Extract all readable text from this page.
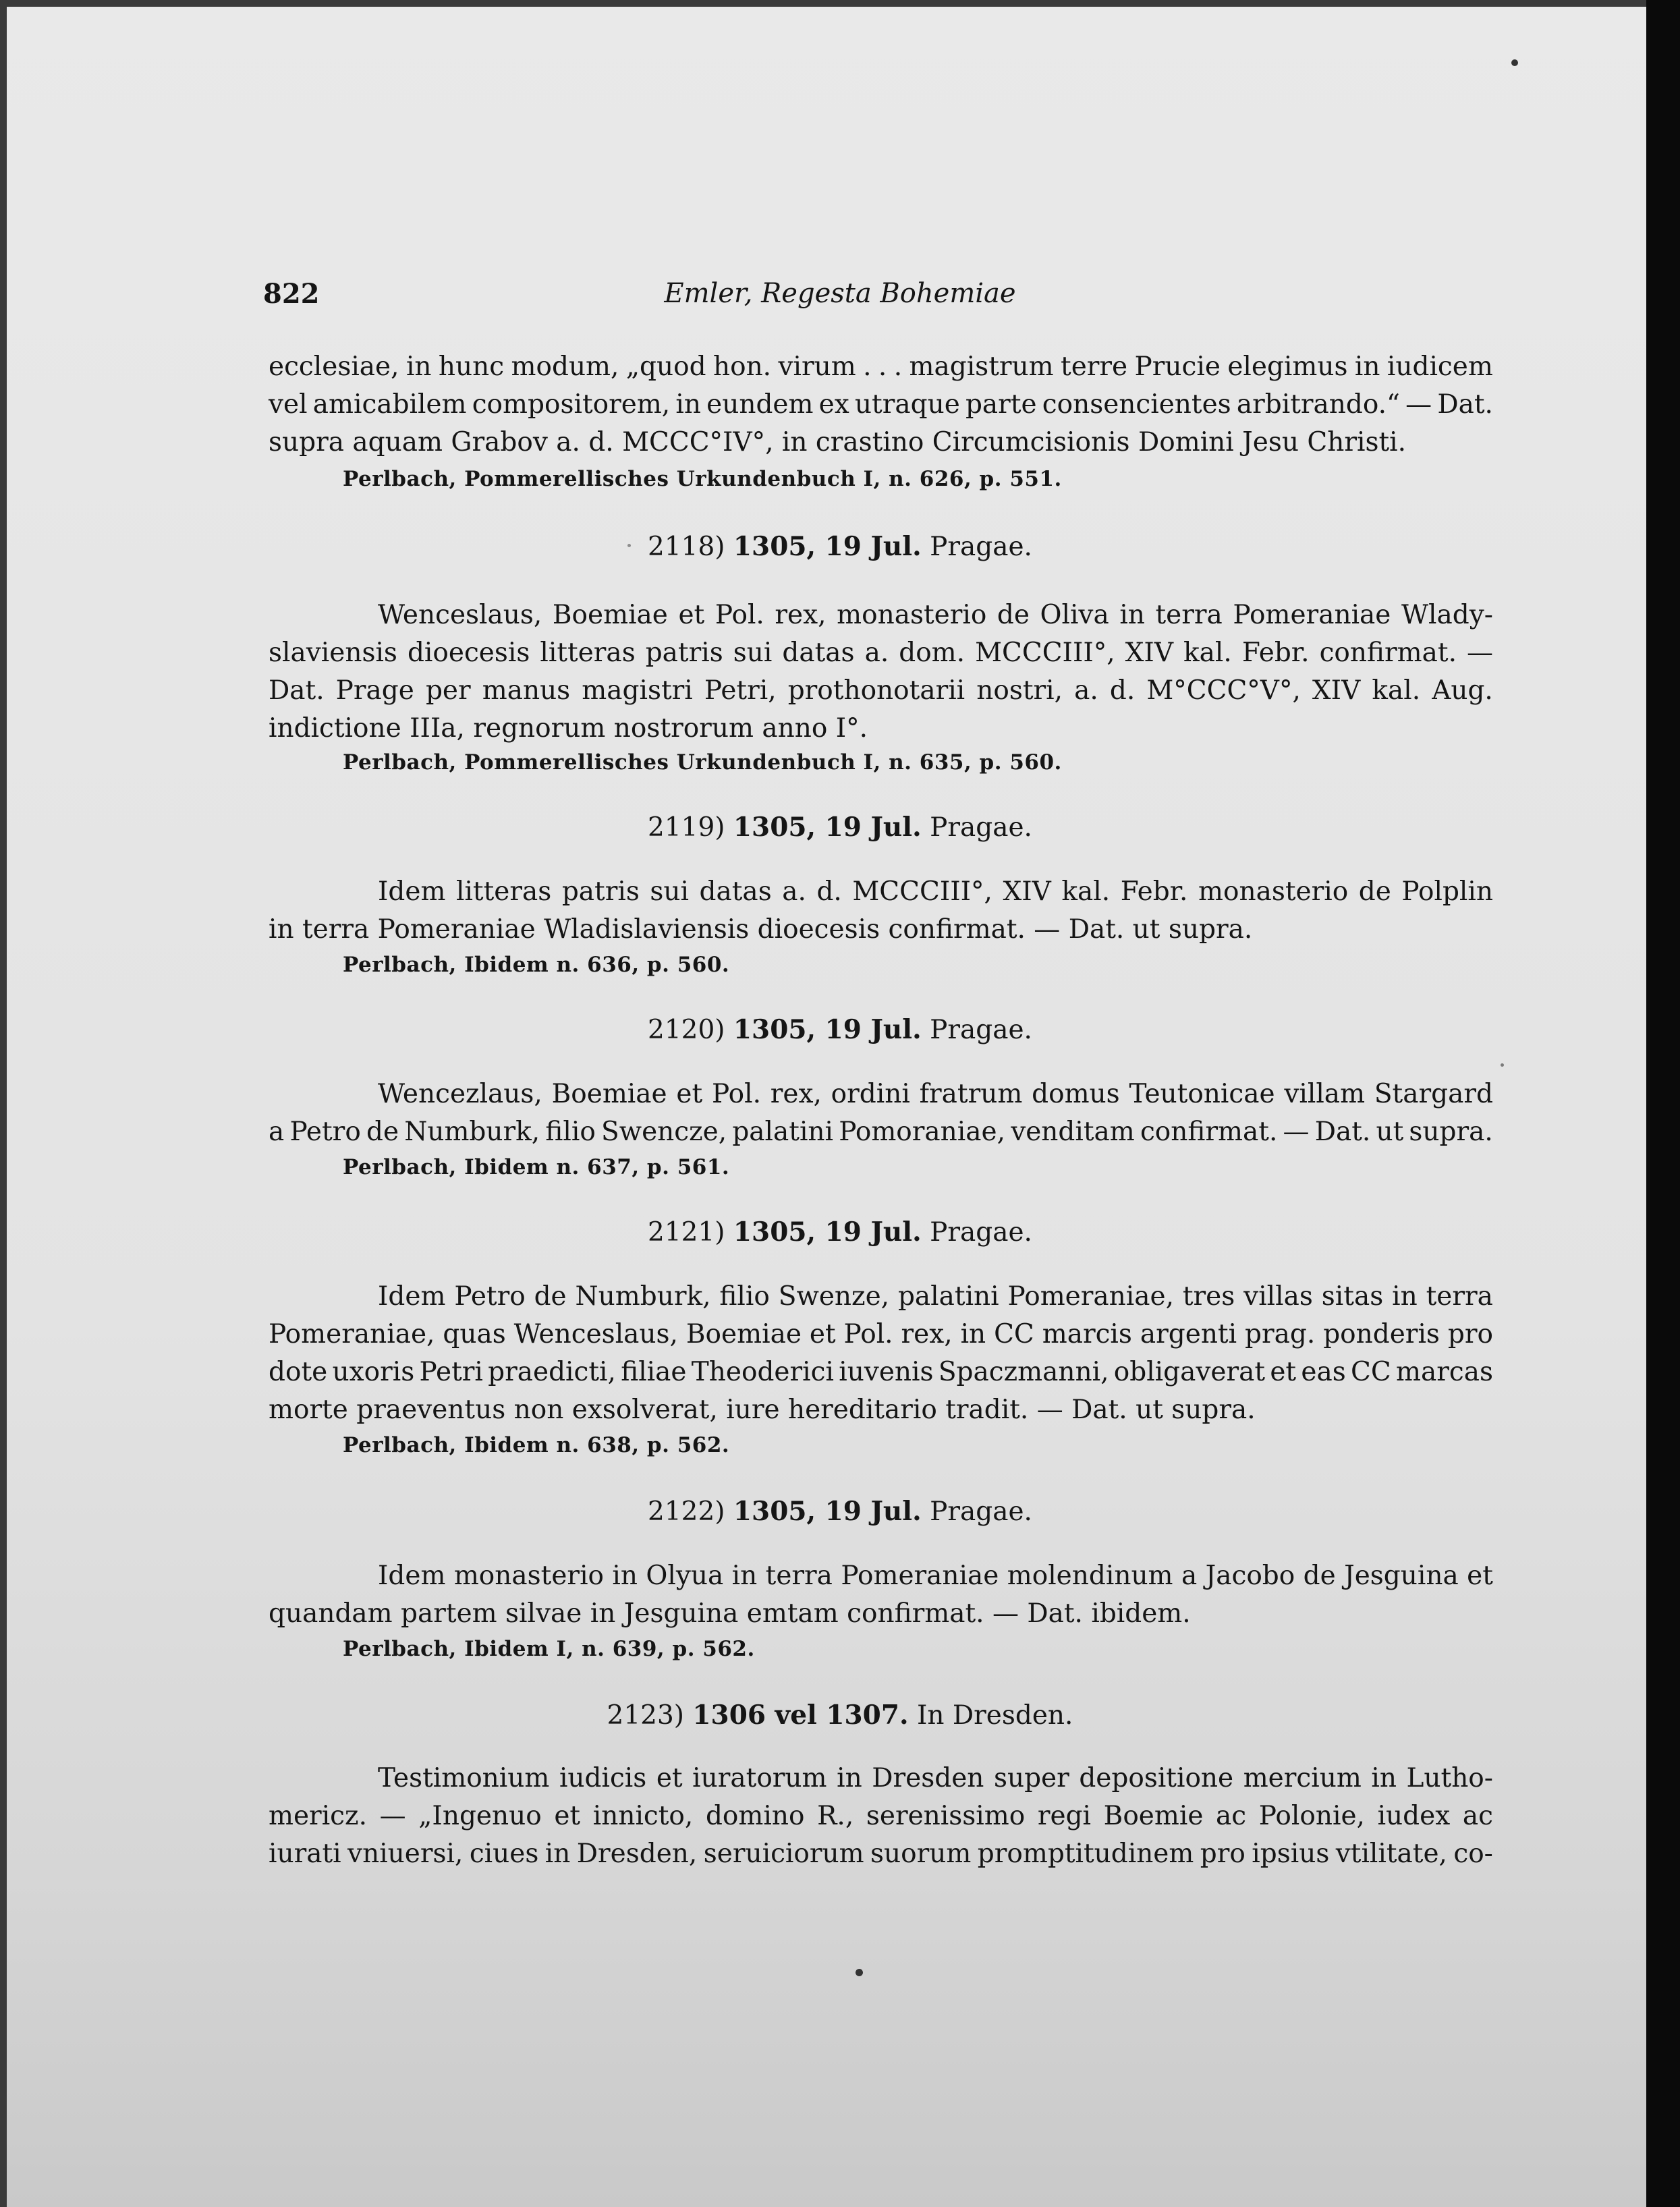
822	Emler, Regesta Bohemiae
ecclesiae, in hunc modum, „quod hon. virum . . . magistrum terre Prucie elegimus in iudicem
vel amicabilem compositorem, in eundem ex utraque parte consencientes arbitrando.“ — Dat.
supra aquam Grabov a. d. MCCC°IV°, in crastino Circumcisionis Domini Jesu Christi.
Perlbach, Pommerellisches Urkundenbuch I, n. 626, p. 551.
2118) 1305, 19 Jul. Pragae.
Wenceslaus, Boemiae et Pol. rex, monasterio de Oliva in terra Pomeraniae Wlady-
slaviensis dioecesis litteras patris sui datas a. dom. MCCCIII°, XIV kal. Febr. confirmat. —
Dat. Prage per manus magistri Petri, prothonotarii nostri, a. d. M°CCC°V°, XIV kal. Aug.
indictione IIIa, regnorum nostrorum anno I°.
Perlbach, Pommerellisches Urkundenbuch I, n. 635, p. 560.
2119) 1305, 19 Jul. Pragae.
Idem litteras patris sui datas a. d. MCCCIII°, XIV kal. Febr. monasterio de Polplin
in terra Pomeraniae Wladislaviensis dioecesis confirmat. — Dat. ut supra.
Perlbach, Ibidem n. 636, p. 560.
2120) 1305, 19 Jul. Pragae.
Wencezlaus, Boemiae et Pol. rex, ordini fratrum domus Teutonicae villam Stargard
a Petro de Numburk, filio Swencze, palatini Pomoraniae, venditam confirmat. — Dat. ut supra.
Perlbach, Ibidem n. 637, p. 561.
2121) 1305, 19 Jul. Pragae.
Idem Petro de Numburk, filio Swenze, palatini Pomeraniae, tres villas sitas in terra
Pomeraniae, quas Wenceslaus, Boemiae et Pol. rex, in CC marcis argenti prag. ponderis pro
dote uxoris Petri praedicti, filiae Theoderici iuvenis Spaczmanni, obligaverat et eas CC marcas
morte praeventus non exsolverat, iure hereditario tradit. — Dat. ut supra.
Perlbach, Ibidem n. 638, p. 562.
2122) 1305, 19 Jul. Pragae.
Idem monasterio in Olyua in terra Pomeraniae molendinum a Jacobo de Jesguina et
quandam partem silvae in Jesguina emtam confirmat. — Dat. ibidem.
Perlbach, Ibidem I, n. 639, p. 562.
2123) 1306 vel 1307. In Dresden.
Testimonium iudicis et iuratorum in Dresden super depositione mercium in Lutho-
mericz. — „Ingenuo et innicto, domino R., serenissimo regi Boemie ac Polonie, iudex ac
iurati vniuersi, ciues in Dresden, seruiciorum suorum promptitudinem pro ipsius vtilitate, co-
